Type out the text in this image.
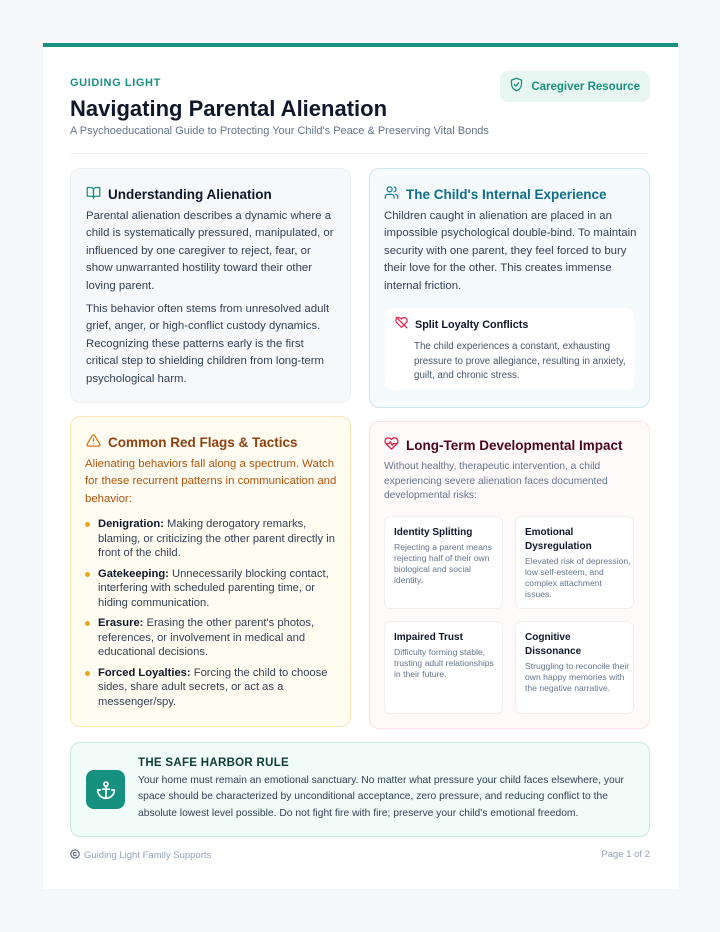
GUIDING LIGHT
Navigating Parental Alienation
A Psychoeducational Guide to Protecting Your Child's Peace & Preserving Vital Bonds
Caregiver Resource
Understanding Alienation
Parental alienation describes a dynamic where a child is systematically pressured, manipulated, or influenced by one caregiver to reject, fear, or show unwarranted hostility toward their other loving parent.
This behavior often stems from unresolved adult grief, anger, or high-conflict custody dynamics. Recognizing these patterns early is the first critical step to shielding children from long-term psychological harm.
The Child's Internal Experience
Children caught in alienation are placed in an impossible psychological double-bind. To maintain security with one parent, they feel forced to bury their love for the other. This creates immense internal friction.
Split Loyalty Conflicts
The child experiences a constant, exhausting pressure to prove allegiance, resulting in anxiety, guilt, and chronic stress.
Common Red Flags & Tactics
Alienating behaviors fall along a spectrum. Watch for these recurrent patterns in communication and behavior:
Denigration: Making derogatory remarks, blaming, or criticizing the other parent directly in front of the child.
Gatekeeping: Unnecessarily blocking contact, interfering with scheduled parenting time, or hiding communication.
Erasure: Erasing the other parent's photos, references, or involvement in medical and educational decisions.
Forced Loyalties: Forcing the child to choose sides, share adult secrets, or act as a messenger/spy.
Long-Term Developmental Impact
Without healthy, therapeutic intervention, a child experiencing severe alienation faces documented developmental risks:
Identity Splitting
Rejecting a parent means rejecting half of their own biological and social identity.
Emotional Dysregulation
Elevated risk of depression, low self-esteem, and complex attachment issues.
Impaired Trust
Difficulty forming stable, trusting adult relationships in their future.
Cognitive Dissonance
Struggling to reconcile their own happy memories with the negative narrative.
THE SAFE HARBOR RULE
Your home must remain an emotional sanctuary. No matter what pressure your child faces elsewhere, your space should be characterized by unconditional acceptance, zero pressure, and reducing conflict to the absolute lowest level possible. Do not fight fire with fire; preserve your child's emotional freedom.
Guiding Light Family Supports	Page 1 of 2
